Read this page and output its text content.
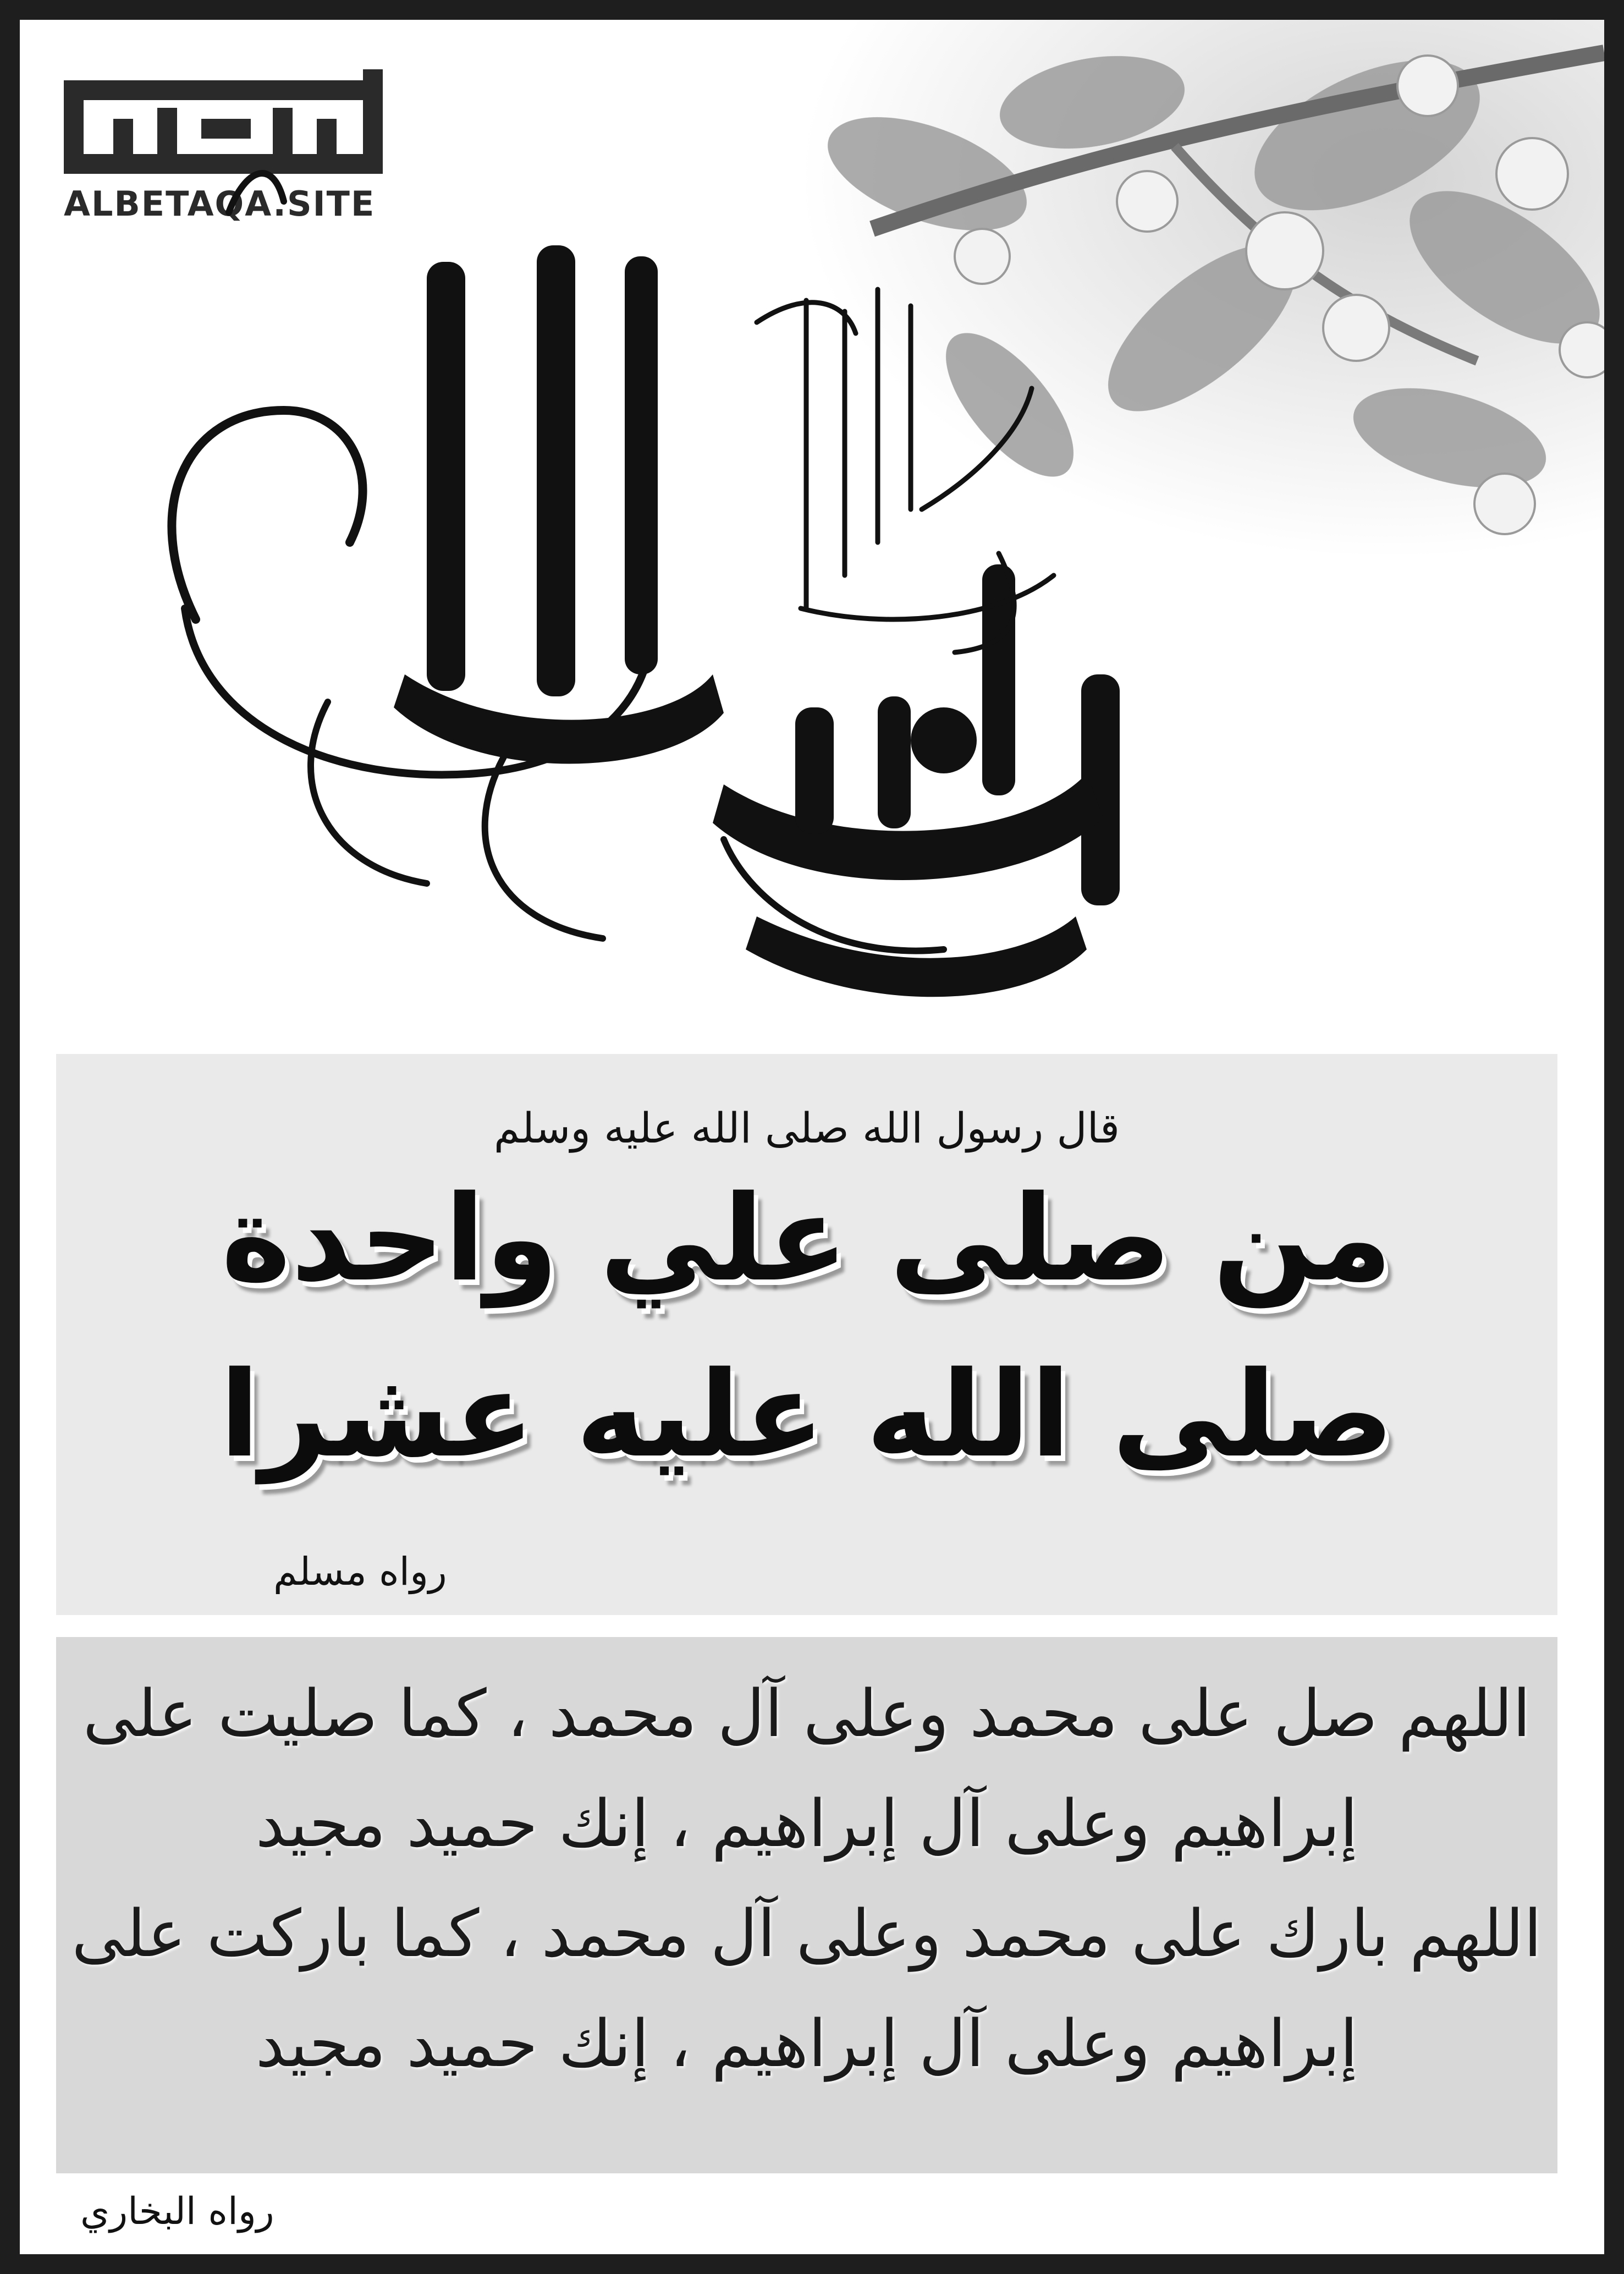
ALBETAQA.SITE
قال رسول الله صلى الله عليه وسلم
من صلى علي واحدة
صلى الله عليه عشرا
رواه مسلم
اللهم صل على محمد وعلى آل محمد ، كما صليت على
إبراهيم وعلى آل إبراهيم ، إنك حميد مجيد
اللهم بارك على محمد وعلى آل محمد ، كما باركت على
إبراهيم وعلى آل إبراهيم ، إنك حميد مجيد
رواه البخاري
